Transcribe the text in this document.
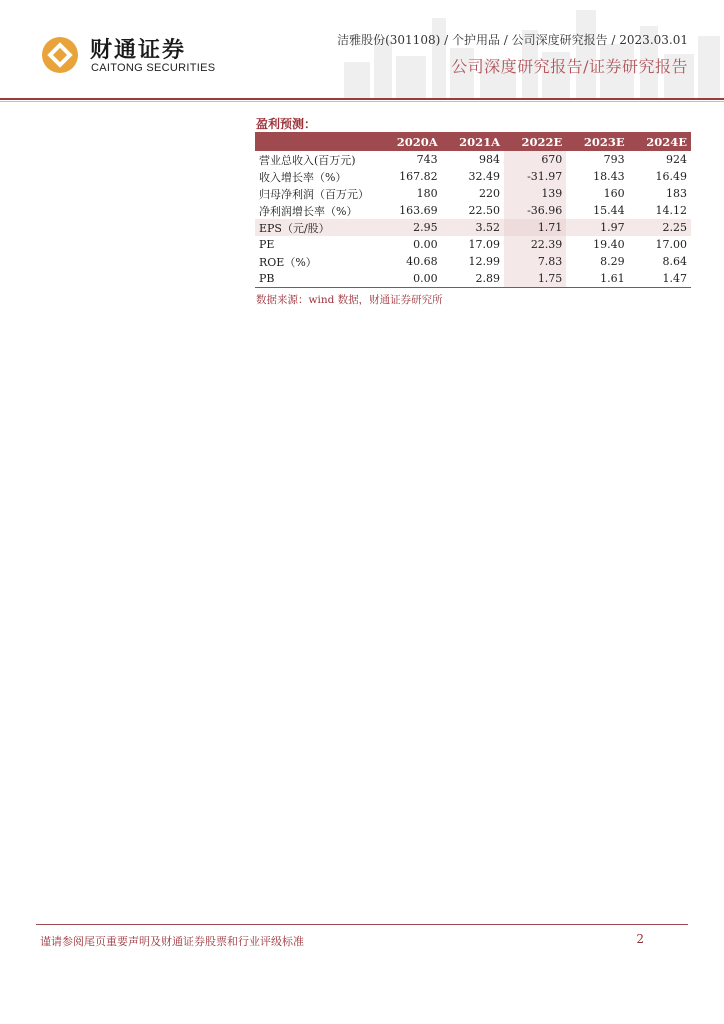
财通证券
CAITONG SECURITIES
洁雅股份(301108) / 个护用品 / 公司深度研究报告 / 2023.03.01
公司深度研究报告/证券研究报告
盈利预测：
	2020A	2021A	2022E	2023E	2024E
营业总收入(百万元)	743	984	670	793	924
收入增长率（%）	167.82	32.49	-31.97	18.43	16.49
归母净利润（百万元）	180	220	139	160	183
净利润增长率（%）	163.69	22.50	-36.96	15.44	14.12
EPS（元/股）	2.95	3.52	1.71	1.97	2.25
PE	0.00	17.09	22.39	19.40	17.00
ROE（%）	40.68	12.99	7.83	8.29	8.64
PB	0.00	2.89	1.75	1.61	1.47
数据来源：wind 数据，财通证券研究所
谨请参阅尾页重要声明及财通证券股票和行业评级标准	2
